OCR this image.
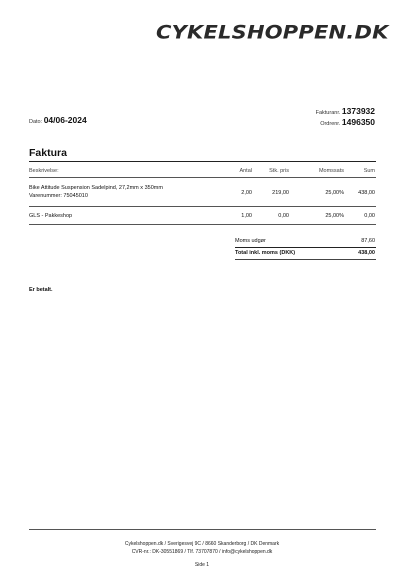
CYKELSHOPPEN.DK
Dato: 04/06-2024
Fakturanr. 1373932
Ordrenr. 1496350
Faktura
Beskrivelse:	Antal	Stk. pris	Momssats	Sum
Bike Attitude Suspension Sadelpind, 27,2mm x 350mm
Varenummer: 75045010	2,00	219,00	25,00%	438,00
GLS - Pakkeshop	1,00	0,00	25,00%	0,00
Moms udgør	87,60
Total inkl. moms (DKK)	438,00
Er betalt.
Cykelshoppen.dk / Sverigesvej 9C / 8660 Skanderborg / DK Denmark
CVR-nr.: DK-30551869 / Tlf. 73707870 / info@cykelshoppen.dk
Side 1
